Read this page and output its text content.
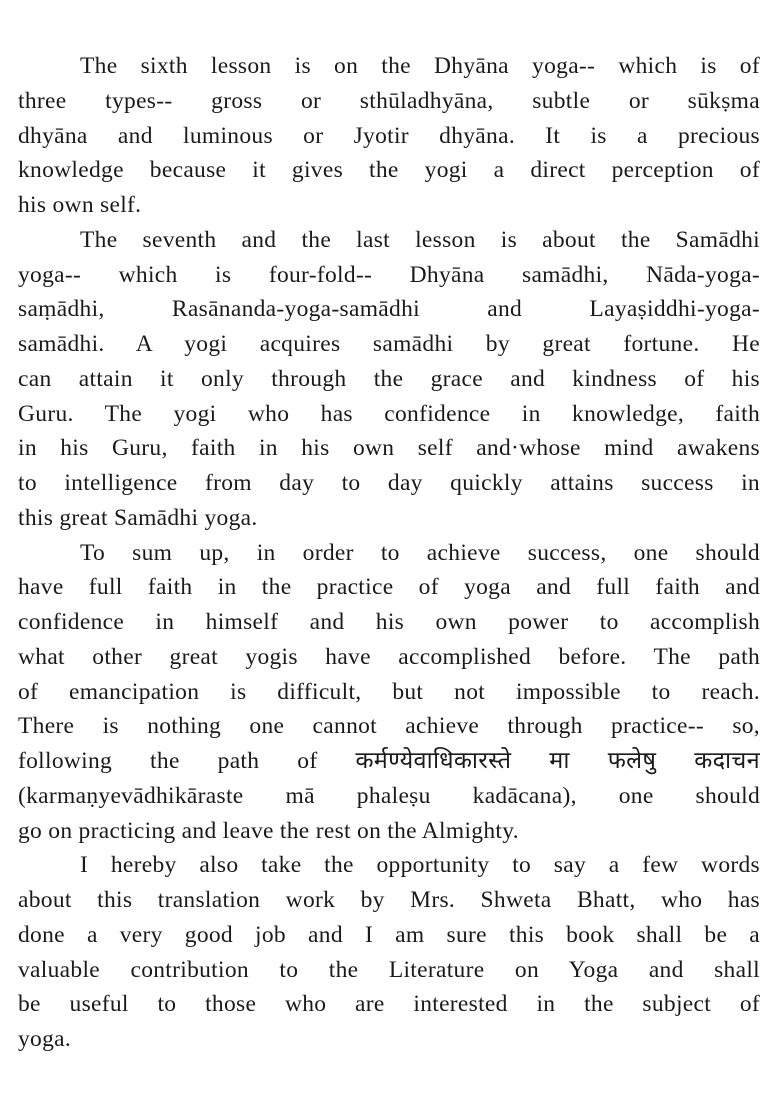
The sixth lesson is on the Dhyāna yoga-- which is of
three types-- gross or sthūladhyāna, subtle or sūkṣma
dhyāna and luminous or Jyotir dhyāna. It is a precious
knowledge because it gives the yogi a direct perception of
his own self.
The seventh and the last lesson is about the Samādhi
yoga-- which is four-fold-- Dhyāna samādhi, Nāda-yoga-
saṃādhi, Rasānanda-yoga-samādhi and Layaṣiddhi-yoga-
samādhi. A yogi acquires samādhi by great fortune. He
can attain it only through the grace and kindness of his
Guru. The yogi who has confidence in knowledge, faith
in his Guru, faith in his own self and·whose mind awakens
to intelligence from day to day quickly attains success in
this great Samādhi yoga.
To sum up, in order to achieve success, one should
have full faith in the practice of yoga and full faith and
confidence in himself and his own power to accomplish
what other great yogis have accomplished before. The path
of emancipation is difficult, but not impossible to reach.
There is nothing one cannot achieve through practice-- so,
following the path of कर्मण्येवाधिकारस्ते मा फलेषु कदाचन
(karmaṇyevādhikāraste mā phaleṣu kadācana), one should
go on practicing and leave the rest on the Almighty.
I hereby also take the opportunity to say a few words
about this translation work by Mrs. Shweta Bhatt, who has
done a very good job and I am sure this book shall be a
valuable contribution to the Literature on Yoga and shall
be useful to those who are interested in the subject of
yoga.
